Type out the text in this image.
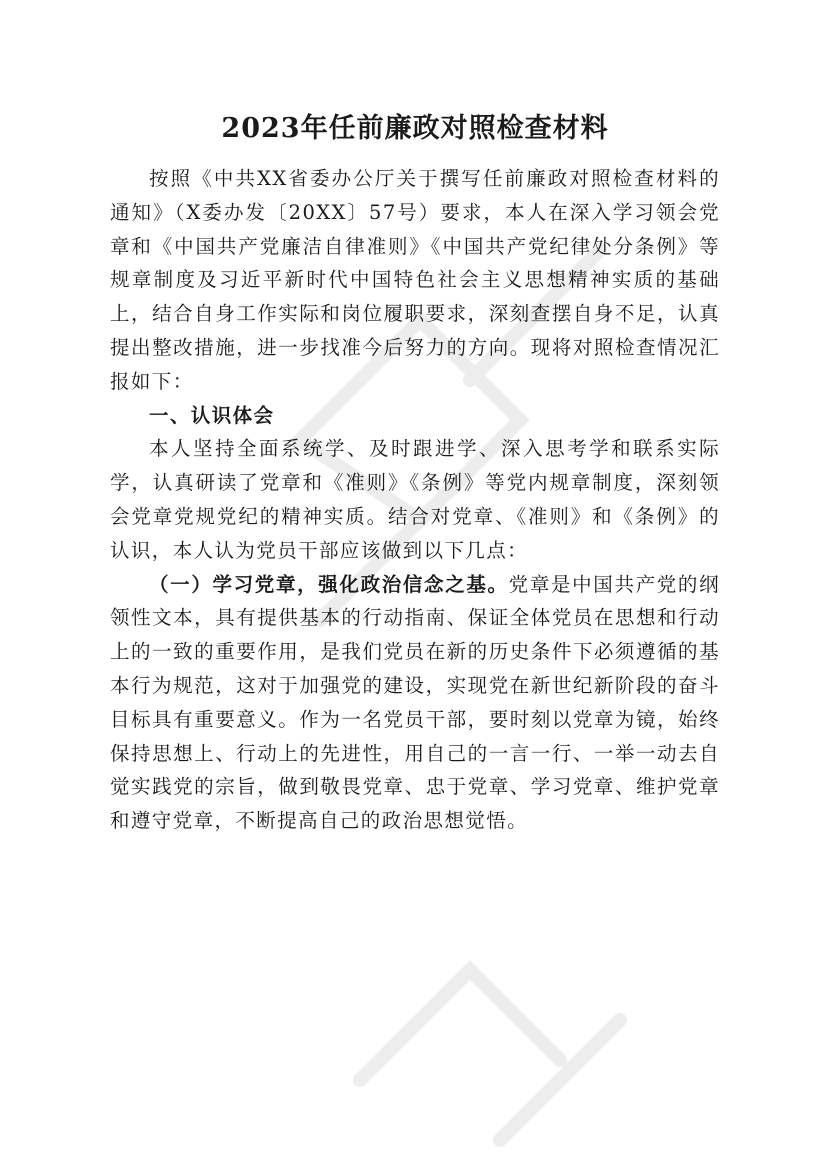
2023年任前廉政对照检查材料

按照《中共XX省委办公厅关于撰写任前廉政对照检查材料的通知》（X委办发〔20XX〕57号）要求，本人在深入学习领会党章和《中国共产党廉洁自律准则》《中国共产党纪律处分条例》等规章制度及习近平新时代中国特色社会主义思想精神实质的基础上，结合自身工作实际和岗位履职要求，深刻查摆自身不足，认真提出整改措施，进一步找准今后努力的方向。现将对照检查情况汇报如下：

一、认识体会

本人坚持全面系统学、及时跟进学、深入思考学和联系实际学，认真研读了党章和《准则》《条例》等党内规章制度，深刻领会党章党规党纪的精神实质。结合对党章、《准则》和《条例》的认识，本人认为党员干部应该做到以下几点：

（一）学习党章，强化政治信念之基。党章是中国共产党的纲领性文本，具有提供基本的行动指南、保证全体党员在思想和行动上的一致的重要作用，是我们党员在新的历史条件下必须遵循的基本行为规范，这对于加强党的建设，实现党在新世纪新阶段的奋斗目标具有重要意义。作为一名党员干部，要时刻以党章为镜，始终保持思想上、行动上的先进性，用自己的一言一行、一举一动去自觉实践党的宗旨，做到敬畏党章、忠于党章、学习党章、维护党章和遵守党章，不断提高自己的政治思想觉悟。
